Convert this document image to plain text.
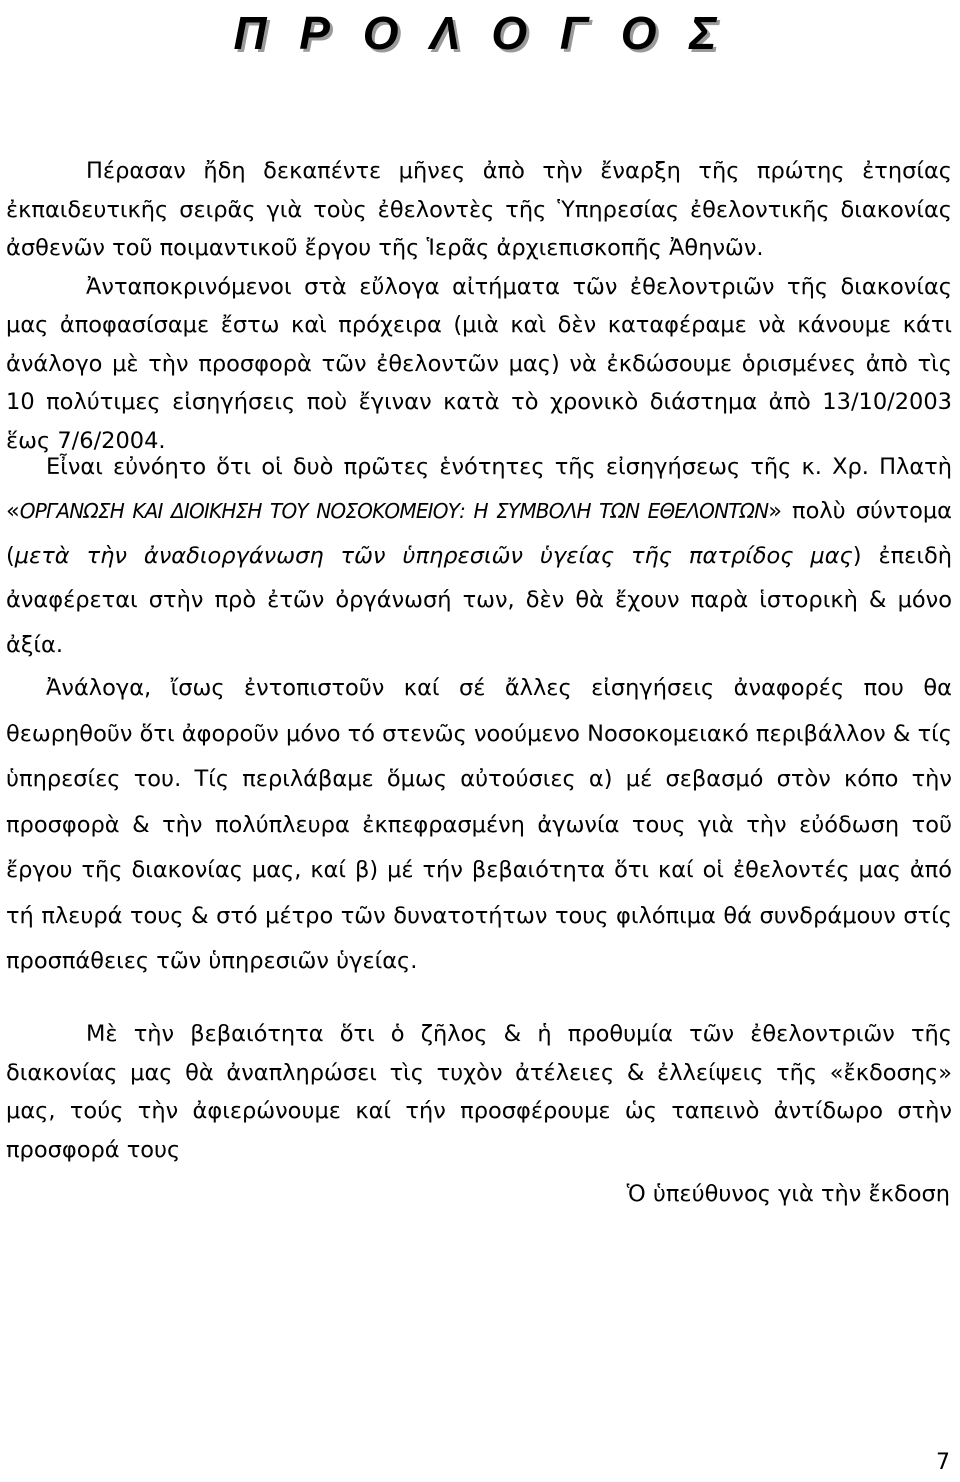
Π Ρ Ο Λ Ο Γ Ο Σ

Πέρασαν ἤδη δεκαπέντε μῆνες ἀπὸ τὴν ἔναρξη τῆς πρώτης ἐτησίας ἐκπαιδευτικῆς σειρᾶς γιὰ τοὺς ἐθελοντὲς τῆς Ὑπηρεσίας ἐθελοντικῆς διακονίας ἀσθενῶν τοῦ ποιμαντικοῦ ἔργου τῆς Ἱερᾶς ἀρχιεπισκοπῆς Ἀθηνῶν.
Ἀνταποκρινόμενοι στὰ εὔλογα αἰτήματα τῶν ἐθελοντριῶν τῆς διακονίας μας ἀποφασίσαμε ἔστω καὶ πρόχειρα (μιὰ καὶ δὲν καταφέραμε νὰ κάνουμε κάτι ἀνάλογο μὲ τὴν προσφορὰ τῶν ἐθελοντῶν μας) νὰ ἐκδώσουμε ὁρισμένες ἀπὸ τὶς 10 πολύτιμες εἰσηγήσεις ποὺ ἔγιναν κατὰ τὸ χρονικὸ διάστημα ἀπὸ 13/10/2003 ἕως 7/6/2004.

Εἶναι εὐνόητο ὅτι οἱ δυὸ πρῶτες ἑνότητες τῆς εἰσηγήσεως τῆς κ. Χρ. Πλατὴ «ΟΡΓΑΝΩΣΗ ΚΑΙ ΔΙΟΙΚΗΣΗ ΤΟΥ ΝΟΣΟΚΟΜΕΙΟΥ: Η ΣΥΜΒΟΛΗ ΤΩΝ ΕΘΕΛΟΝΤΩΝ» πολὺ σύντομα (μετὰ τὴν ἀναδιοργάνωση τῶν ὑπηρεσιῶν ὑγείας τῆς πατρίδος μας) ἐπειδὴ ἀναφέρεται στὴν πρὸ ἐτῶν ὀργάνωσή των, δὲν θὰ ἔχουν παρὰ ἱστορικὴ & μόνο ἀξία.

Ἀνάλογα, ἴσως ἐντοπιστοῦν καί σέ ἄλλες εἰσηγήσεις ἀναφορές που θα θεωρηθοῦν ὅτι ἀφοροῦν μόνο τό στενῶς νοούμενο Νοσοκομειακό περιβάλλον & τίς ὑπηρεσίες του. Τίς περιλάβαμε ὅμως αὐτούσιες α) μέ σεβασμό στὸν κόπο τὴν προσφορὰ & τὴν πολύπλευρα ἐκπεφρασμένη ἀγωνία τους γιὰ τὴν εὐόδωση τοῦ ἔργου τῆς διακονίας μας, καί β) μέ τήν βεβαιότητα ὅτι καί οἱ ἐθελοντές μας ἀπό τή πλευρά τους & στό μέτρο τῶν δυνατοτήτων τους φιλόπιμα θά συνδράμουν στίς προσπάθειες τῶν ὑπηρεσιῶν ὑγείας.

Μὲ τὴν βεβαιότητα ὅτι ὁ ζῆλος & ἡ προθυμία τῶν ἐθελοντριῶν τῆς διακονίας μας θὰ ἀναπληρώσει τὶς τυχὸν ἀτέλειες & ἐλλείψεις τῆς «ἔκδοσης» μας, τούς τὴν ἀφιερώνουμε καί τήν προσφέρουμε ὡς ταπεινὸ ἀντίδωρο στὴν προσφορά τους

Ὁ ὑπεύθυνος γιὰ τὴν ἔκδοση

7
